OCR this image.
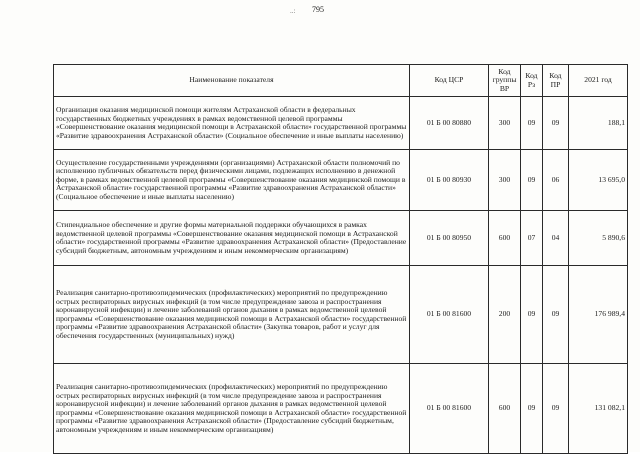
..: 795
Наименование показателя	Код ЦСР	Код группы ВР	Код Рз	Код ПР	2021 год
Организация оказания медицинской помощи жителям Астраханской области в федеральных государственных бюджетных учреждениях в рамках ведомственной целевой программы «Совершенствование оказания медицинской помощи в Астраханской области» государственной программы «Развитие здравоохранения Астраханской области» (Социальное обеспечение и иные выплаты населению)	01 Б 00 80880	300	09	09	188,1
Осуществление государственными учреждениями (организациями) Астраханской области полномочий по исполнению публичных обязательств перед физическими лицами, подлежащих исполнению в денежной форме, в рамках ведомственной целевой программы «Совершенствование оказания медицинской помощи в Астраханской области» государственной программы «Развитие здравоохранения Астраханской области» (Социальное обеспечение и иные выплаты населению)	01 Б 00 80930	300	09	06	13 695,0
Стипендиальное обеспечение и другие формы материальной поддержки обучающихся в рамках ведомственной целевой программы «Совершенствование оказания медицинской помощи в Астраханской области» государственной программы «Развитие здравоохранения Астраханской области» (Предоставление субсидий бюджетным, автономным учреждениям и иным некоммерческим организациям)	01 Б 00 80950	600	07	04	5 890,6
Реализация санитарно-противоэпидемических (профилактических) мероприятий по предупреждению острых респираторных вирусных инфекций (в том числе предупреждение завоза и распространения коронавирусной инфекции) и лечение заболеваний органов дыхания в рамках ведомственной целевой программы «Совершенствование оказания медицинской помощи в Астраханской области» государственной программы «Развитие здравоохранения Астраханской области» (Закупка товаров, работ и услуг для обеспечения государственных (муниципальных) нужд)	01 Б 00 81600	200	09	09	176 989,4
Реализация санитарно-противоэпидемических (профилактических) мероприятий по предупреждению острых респираторных вирусных инфекций (в том числе предупреждение завоза и распространения коронавирусной инфекции) и лечение заболеваний органов дыхания в рамках ведомственной целевой программы «Совершенствование оказания медицинской помощи в Астраханской области» государственной программы «Развитие здравоохранения Астраханской области» (Предоставление субсидий бюджетным, автономным учреждениям и иным некоммерческим организациям)	01 Б 00 81600	600	09	09	131 082,1
